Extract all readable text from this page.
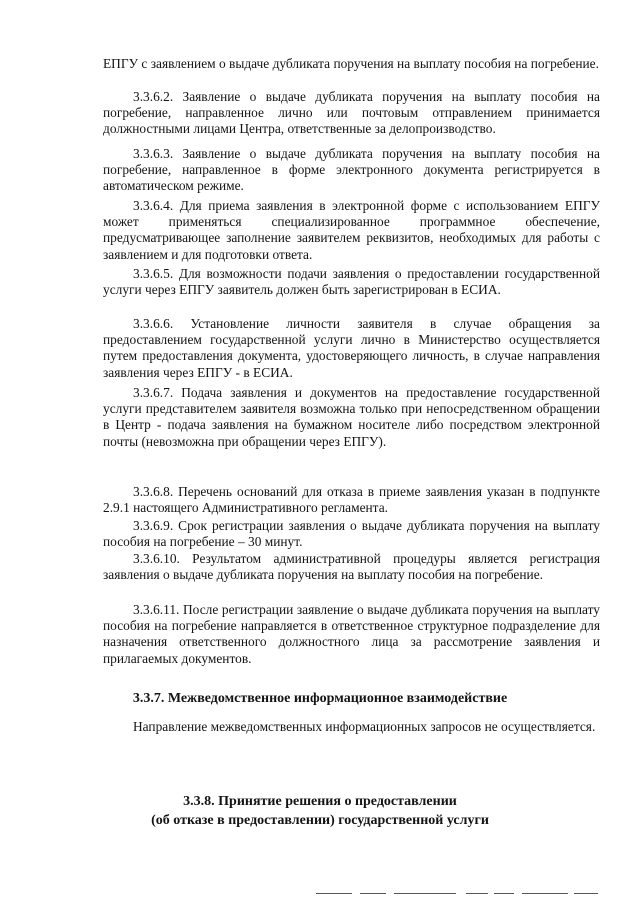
ЕПГУ с заявлением о выдаче дубликата поручения на выплату пособия на погребение.

3.3.6.2. Заявление о выдаче дубликата поручения на выплату пособия на погребение, направленное лично или почтовым отправлением принимается должностными лицами Центра, ответственные за делопроизводство.

3.3.6.3. Заявление о выдаче дубликата поручения на выплату пособия на погребение, направленное в форме электронного документа регистрируется в автоматическом режиме.

3.3.6.4. Для приема заявления в электронной форме с использованием ЕПГУ может применяться специализированное программное обеспечение, предусматривающее заполнение заявителем реквизитов, необходимых для работы с заявлением и для подготовки ответа.

3.3.6.5. Для возможности подачи заявления о предоставлении государственной услуги через ЕПГУ заявитель должен быть зарегистрирован в ЕСИА.

3.3.6.6. Установление личности заявителя в случае обращения за предоставлением государственной услуги лично в Министерство осуществляется путем предоставления документа, удостоверяющего личность, в случае направления заявления через ЕПГУ - в ЕСИА.

3.3.6.7. Подача заявления и документов на предоставление государственной услуги представителем заявителя возможна только при непосредственном обращении в Центр - подача заявления на бумажном носителе либо посредством электронной почты (невозможна при обращении через ЕПГУ).

3.3.6.8. Перечень оснований для отказа в приеме заявления указан в подпункте 2.9.1 настоящего Административного регламента.

3.3.6.9. Срок регистрации заявления о выдаче дубликата поручения на выплату пособия на погребение – 30 минут.

3.3.6.10. Результатом административной процедуры является регистрация заявления о выдаче дубликата поручения на выплату пособия на погребение.

3.3.6.11. После регистрации заявление о выдаче дубликата поручения на выплату пособия на погребение направляется в ответственное структурное подразделение для назначения ответственного должностного лица за рассмотрение заявления и прилагаемых документов.

3.3.7. Межведомственное информационное взаимодействие

Направление межведомственных информационных запросов не осуществляется.

3.3.8. Принятие решения о предоставлении

(об отказе в предоставлении) государственной услуги
